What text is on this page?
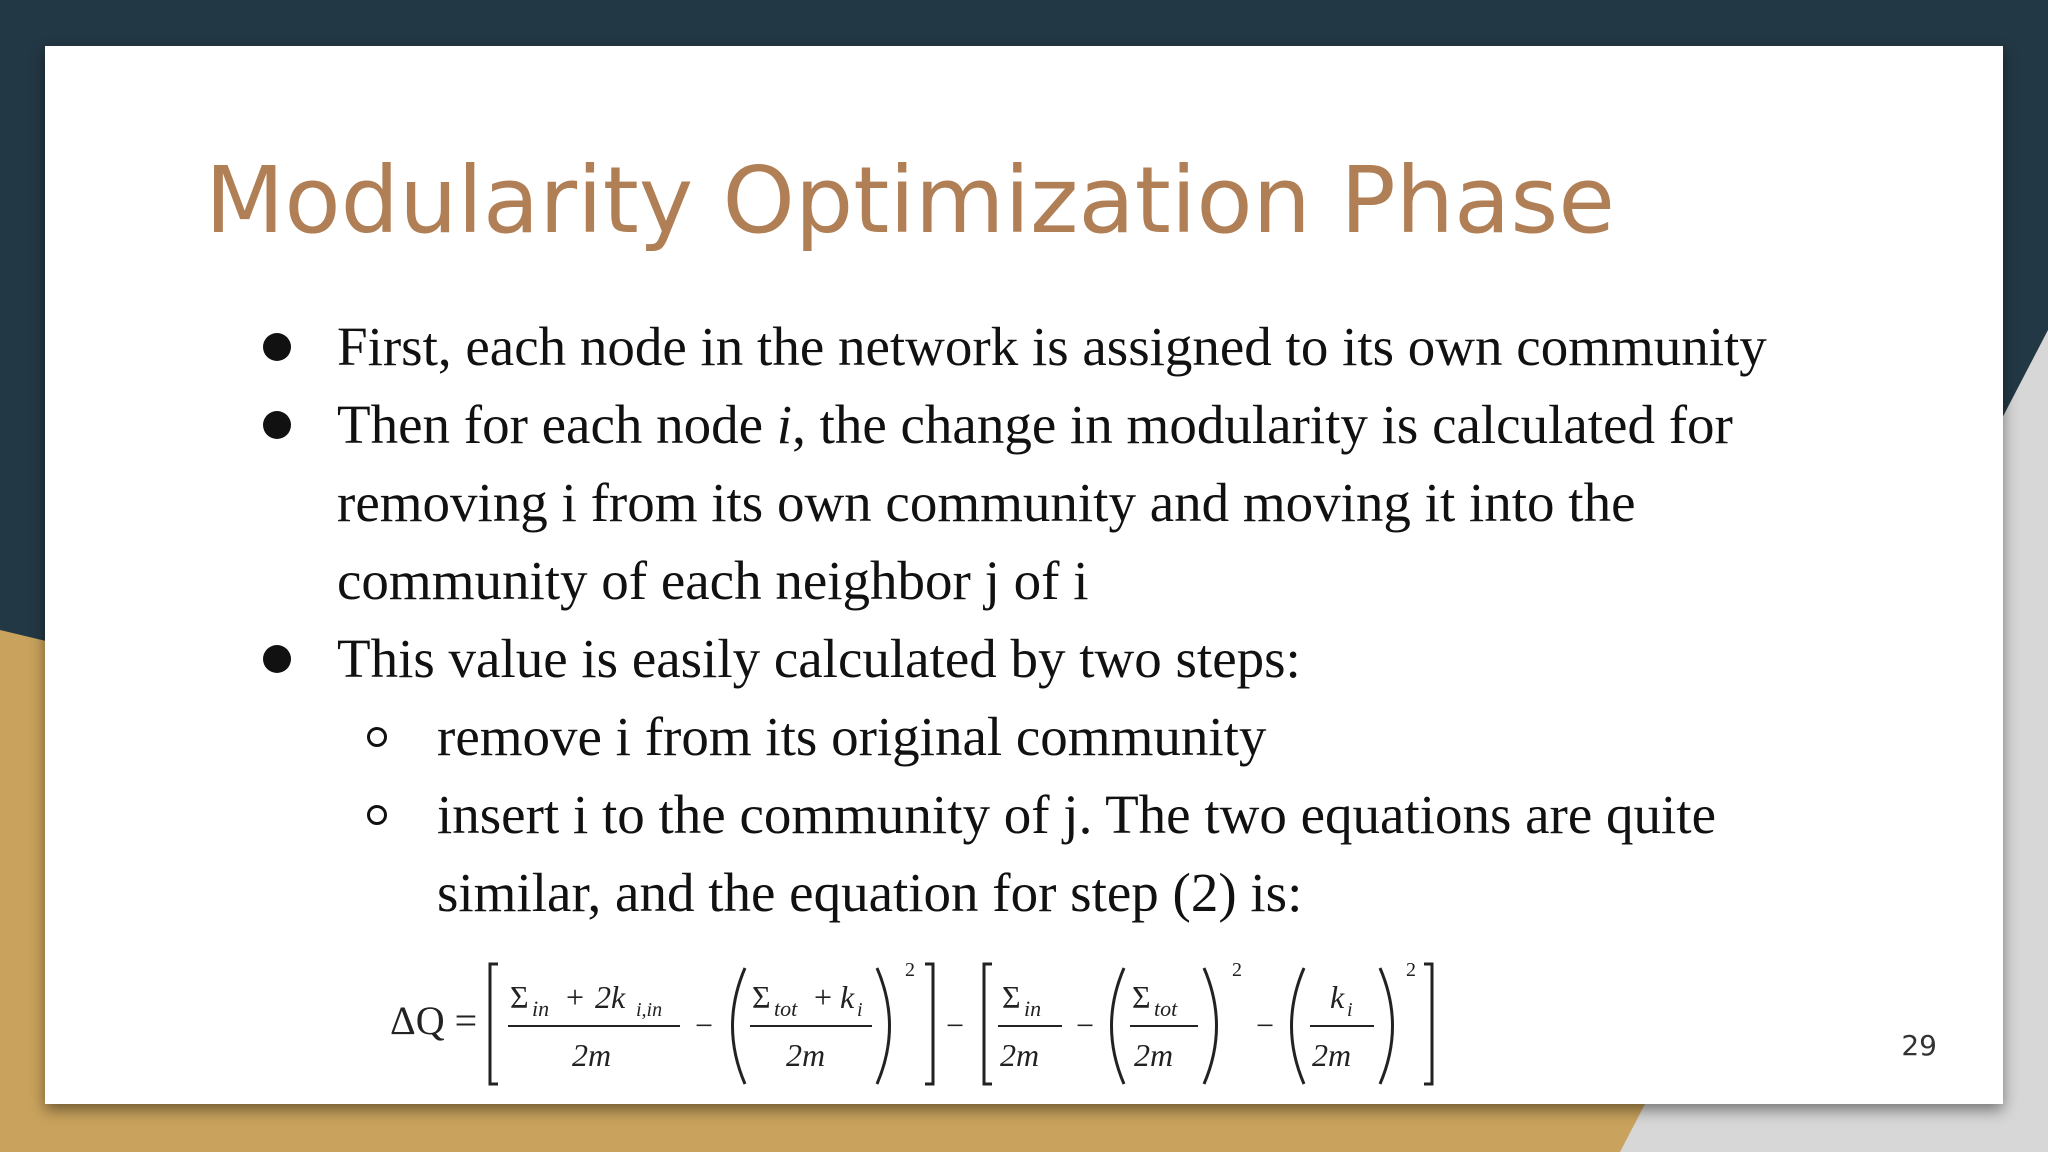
Modularity Optimization Phase
First, each node in the network is assigned to its own community
Then for each node i, the change in modularity is calculated for
removing i from its own community and moving it into the
community of each neighbor j of i
This value is easily calculated by two steps:
remove i from its original community
insert i to the community of j. The two equations are quite
similar, and the equation for step (2) is:
ΔQ =
Σ in + 2k i,in
2m
−
Σ tot + k i
2m
2
−
Σ in
2m
−
Σ tot
2m
2
−
k i
2m
2
29
